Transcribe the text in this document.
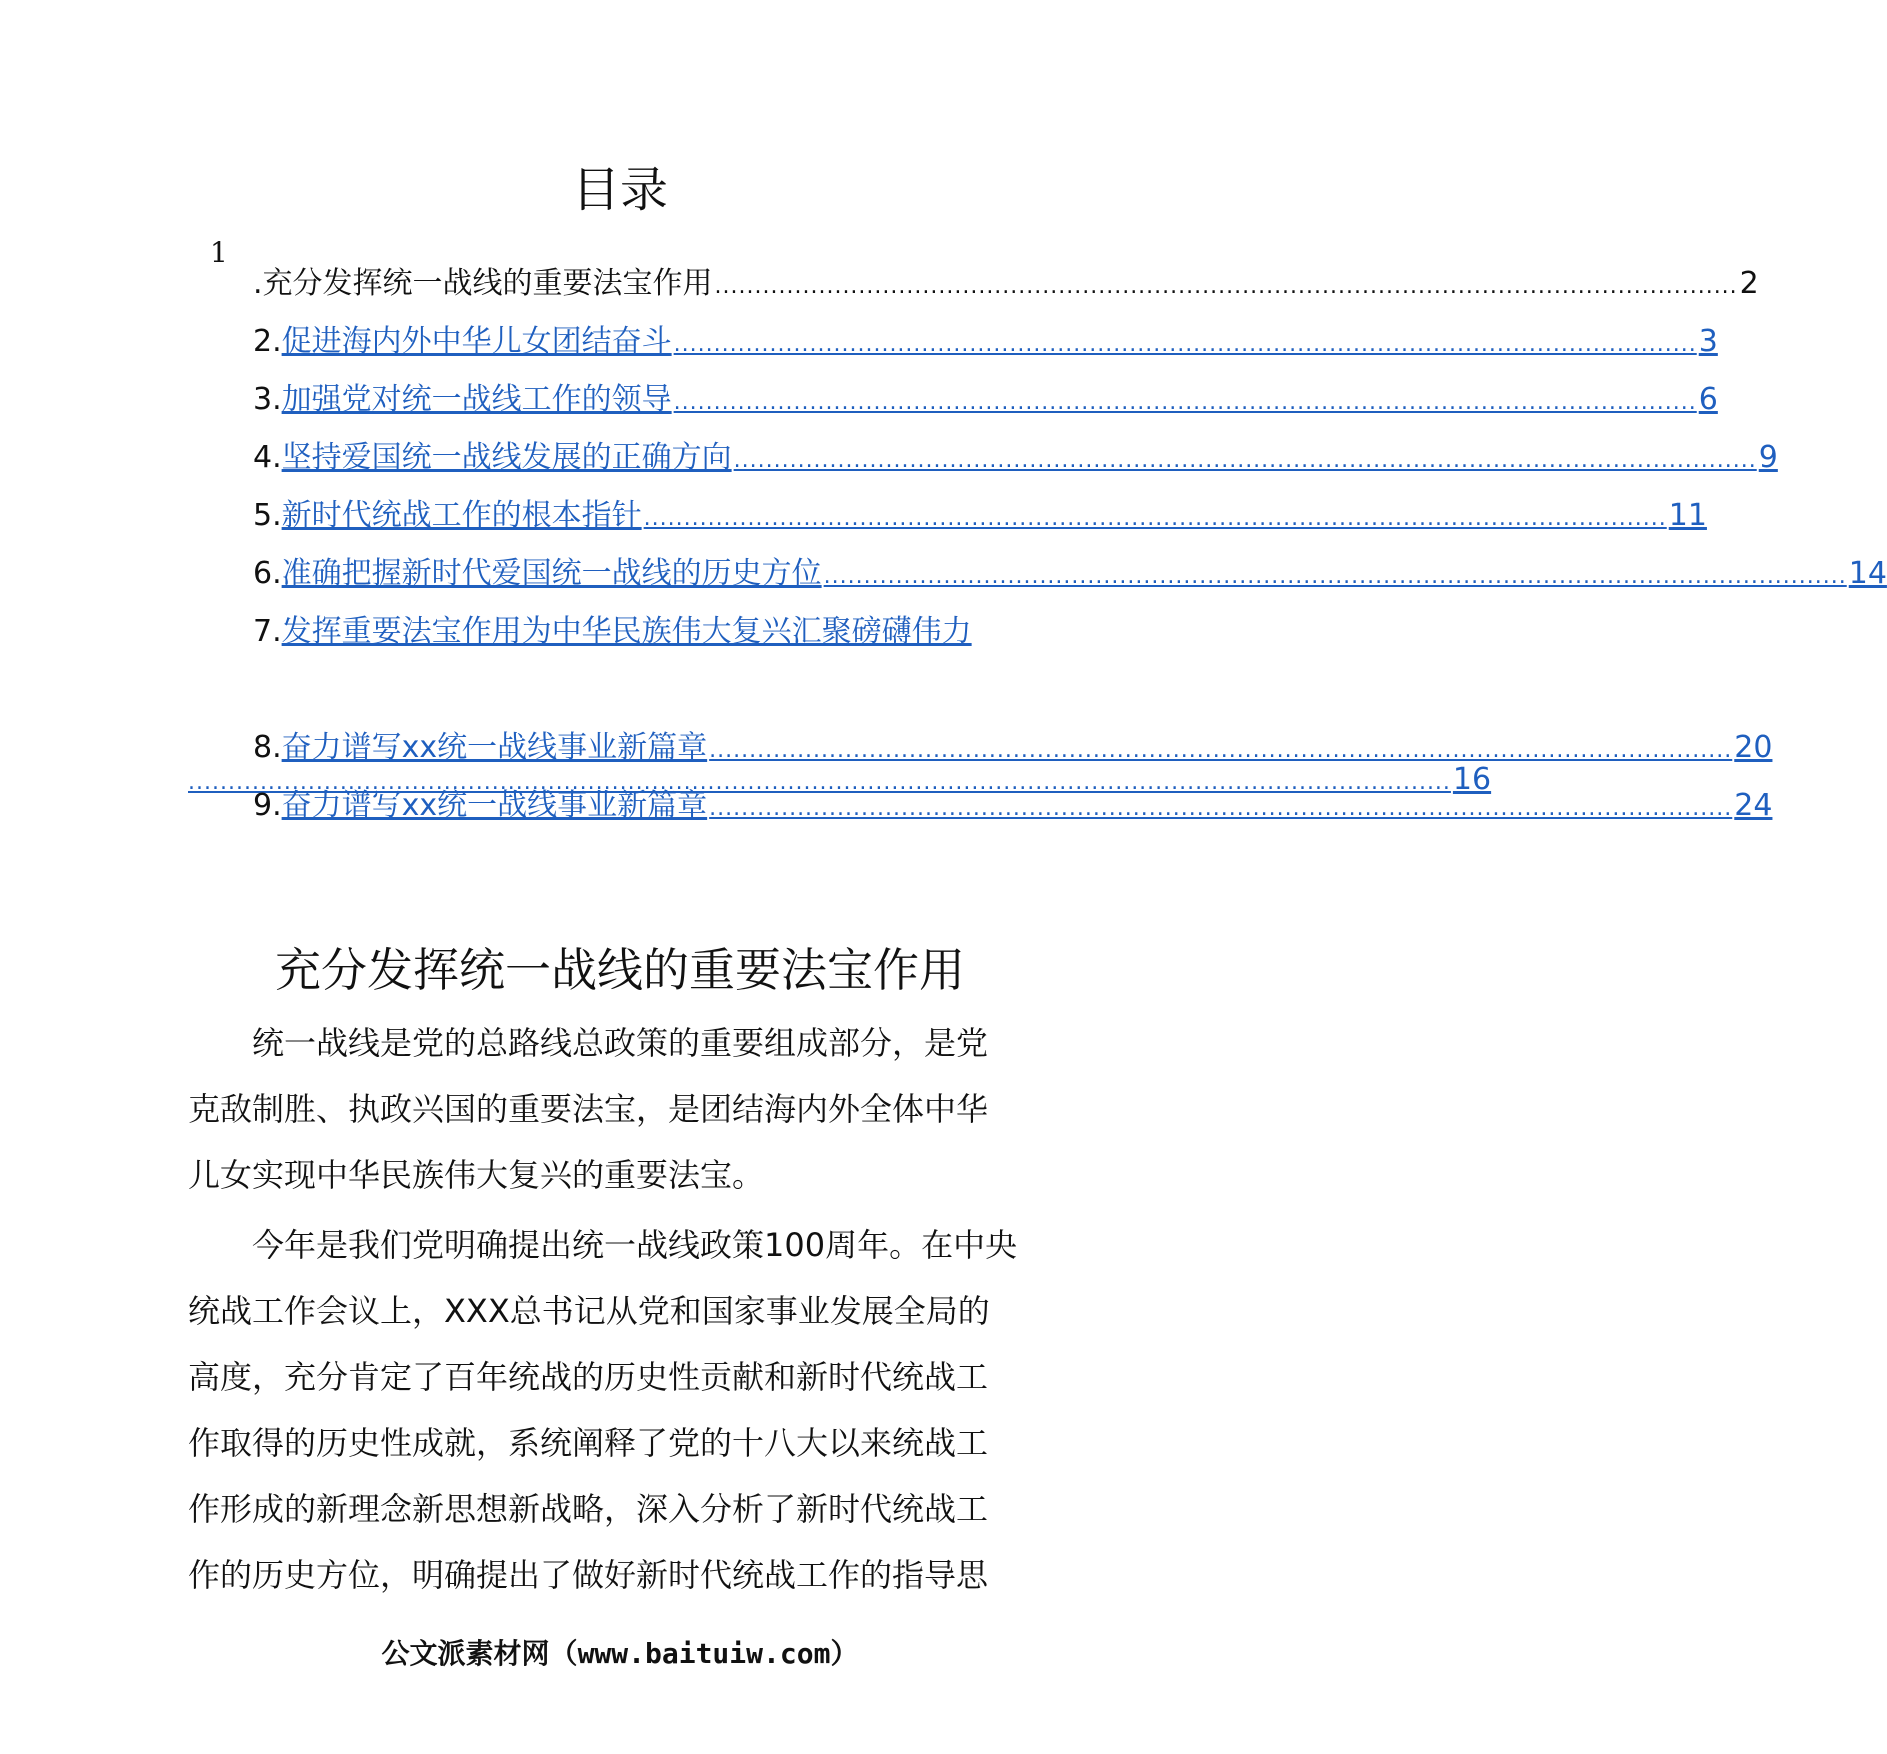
目录
1
.充分发挥统一战线的重要法宝作用 ................................................................................................................................ 2
2. 促进海内外中华儿女团结奋斗 ................................................................................................................................ 3
3. 加强党对统一战线工作的领导 ................................................................................................................................ 6
4. 坚持爱国统一战线发展的正确方向 ................................................................................................................................ 9
5. 新时代统战工作的根本指针 ................................................................................................................................ 11
6. 准确把握新时代爱国统一战线的历史方位 ................................................................................................................................ 14
7. 发挥重要法宝作用为中华民族伟大复兴汇聚磅礴伟力
.............................................................................................................................................................. 16
8. 奋力谱写xx统一战线事业新篇章 ................................................................................................................................ 20
9. 奋力谱写xx统一战线事业新篇章 ................................................................................................................................ 24
充分发挥统一战线的重要法宝作用
　　统一战线是党的总路线总政策的重要组成部分，是党
克敌制胜、执政兴国的重要法宝，是团结海内外全体中华
儿女实现中华民族伟大复兴的重要法宝。
　　今年是我们党明确提出统一战线政策100周年。在中央
统战工作会议上，XXX总书记从党和国家事业发展全局的
高度，充分肯定了百年统战的历史性贡献和新时代统战工
作取得的历史性成就，系统阐释了党的十八大以来统战工
作形成的新理念新思想新战略，深入分析了新时代统战工
作的历史方位，明确提出了做好新时代统战工作的指导思
公文派素材网（www.baituiw.com）
